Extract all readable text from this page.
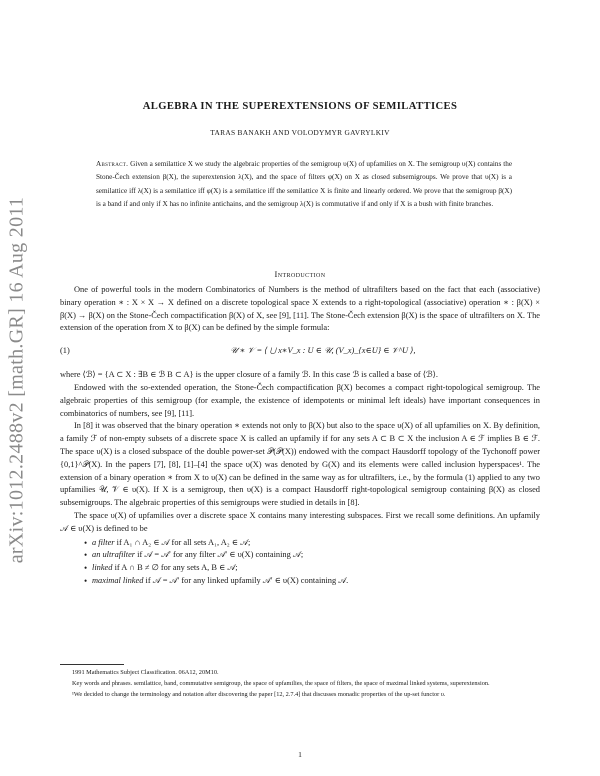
arXiv:1012.2488v2 [math.GR] 16 Aug 2011
ALGEBRA IN THE SUPEREXTENSIONS OF SEMILATTICES
TARAS BANAKH AND VOLODYMYR GAVRYLKIV
Abstract. Given a semilattice X we study the algebraic properties of the semigroup υ(X) of upfamilies on X. The semigroup υ(X) contains the Stone-Čech extension β(X), the superextension λ(X), and the space of filters φ(X) on X as closed subsemigroups. We prove that υ(X) is a semilattice iff λ(X) is a semilattice iff φ(X) is a semilattice iff the semilattice X is finite and linearly ordered. We prove that the semigroup β(X) is a band if and only if X has no infinite antichains, and the semigroup λ(X) is commutative if and only if X is a bush with finite branches.
Introduction

One of powerful tools in the modern Combinatorics of Numbers is the method of ultrafilters based on the fact that each (associative) binary operation ∗ : X × X → X defined on a discrete topological space X extends to a right-topological (associative) operation ∗ : β(X) × β(X) → β(X) on the Stone-Čech compactification β(X) of X, see [9], [11]. The Stone-Čech extension β(X) is the space of ultrafilters on X. The extension of the operation from X to β(X) can be defined by the simple formula:

(1)	𝒰 ∗ 𝒱 = ⟨ ⋃ x∗V_x : U ∈ 𝒰, (V_x)_{x∈U} ∈ 𝒱^U ⟩,

where ⟨ℬ⟩ = {A ⊂ X : ∃B ∈ ℬ B ⊂ A} is the upper closure of a family ℬ. In this case ℬ is called a base of ⟨ℬ⟩.

Endowed with the so-extended operation, the Stone-Čech compactification β(X) becomes a compact right-topological semigroup. The algebraic properties of this semigroup (for example, the existence of idempotents or minimal left ideals) have important consequences in combinatorics of numbers, see [9], [11].

In [8] it was observed that the binary operation ∗ extends not only to β(X) but also to the space υ(X) of all upfamilies on X. By definition, a family ℱ of non-empty subsets of a discrete space X is called an upfamily if for any sets A ⊂ B ⊂ X the inclusion A ∈ ℱ implies B ∈ ℱ. The space υ(X) is a closed subspace of the double power-set 𝒫(𝒫(X)) endowed with the compact Hausdorff topology of the Tychonoff power {0,1}^𝒫(X). In the papers [7], [8], [1]–[4] the space υ(X) was denoted by G(X) and its elements were called inclusion hyperspaces¹. The extension of a binary operation ∗ from X to υ(X) can be defined in the same way as for ultrafilters, i.e., by the formula (1) applied to any two upfamilies 𝒰, 𝒱 ∈ υ(X). If X is a semigroup, then υ(X) is a compact Hausdorff right-topological semigroup containing β(X) as closed subsemigroups. The algebraic properties of this semigroups were studied in details in [8].

The space υ(X) of upfamilies over a discrete space X contains many interesting subspaces. First we recall some definitions. An upfamily 𝒜 ∈ υ(X) is defined to be

• a filter if A₁ ∩ A₂ ∈ 𝒜 for all sets A₁, A₂ ∈ 𝒜;
• an ultrafilter if 𝒜 = 𝒜′ for any filter 𝒜′ ∈ υ(X) containing 𝒜;
• linked if A ∩ B ≠ ∅ for any sets A, B ∈ 𝒜;
• maximal linked if 𝒜 = 𝒜′ for any linked upfamily 𝒜′ ∈ υ(X) containing 𝒜.

1991 Mathematics Subject Classification. 06A12, 20M10.

Key words and phrases. semilattice, band, commutative semigroup, the space of upfamilies, the space of filters, the space of maximal linked systems, superextension.

¹We decided to change the terminology and notation after discovering the paper [12, 2.7.4] that discusses monadic properties of the up-set functor υ.

1
